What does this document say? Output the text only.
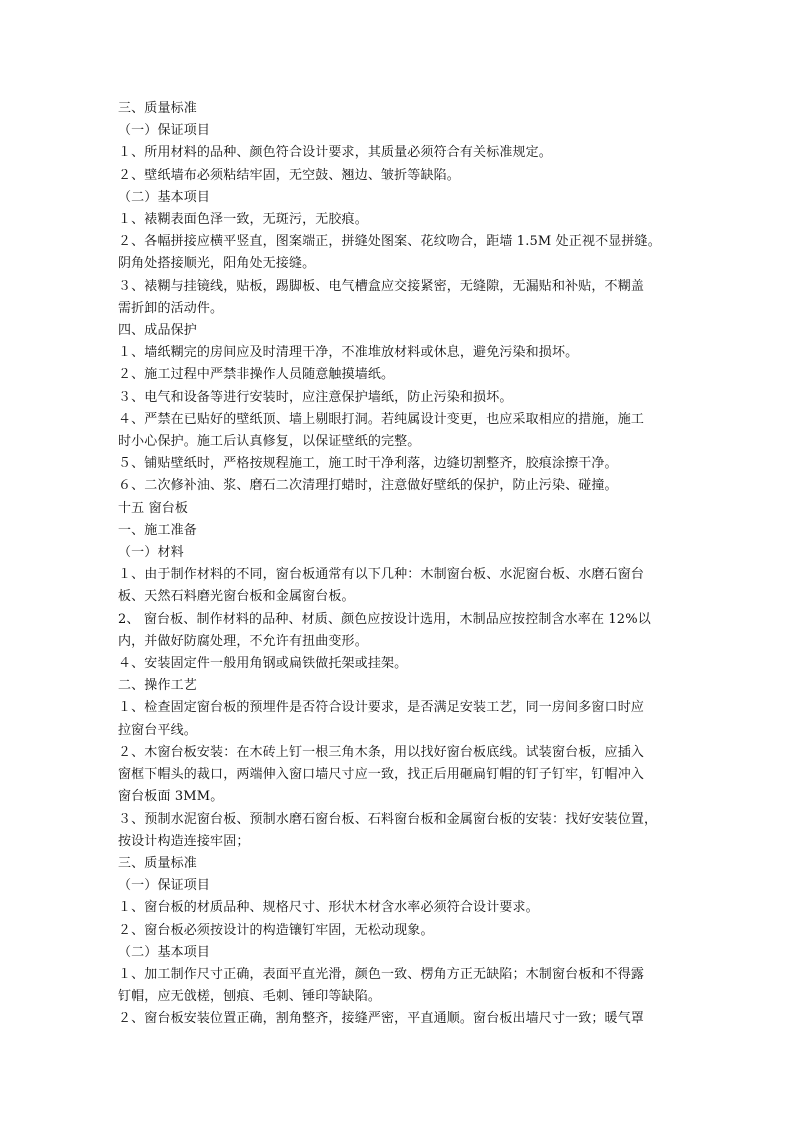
三、质量标准
（一）保证项目
１、所用材料的品种、颜色符合设计要求，其质量必须符合有关标准规定。
２、壁纸墙布必须粘结牢固，无空鼓、翘边、皱折等缺陷。
（二）基本项目
１、裱糊表面色泽一致，无斑污，无胶痕。
２、各幅拼接应横平竖直，图案端正，拼缝处图案、花纹吻合，距墙 1.5M 处正视不显拼缝。
阴角处搭接顺光，阳角处无接缝。
３、裱糊与挂镜线，贴板，踢脚板、电气槽盒应交接紧密，无缝隙，无漏贴和补贴，不糊盖
需折卸的活动件。
四、成品保护
１、墙纸糊完的房间应及时清理干净，不准堆放材料或休息，避免污染和损坏。
２、施工过程中严禁非操作人员随意触摸墙纸。
３、电气和设备等进行安装时，应注意保护墙纸，防止污染和损坏。
４、严禁在已贴好的壁纸顶、墙上剔眼打洞。若纯属设计变更，也应采取相应的措施，施工
时小心保护。施工后认真修复，以保证壁纸的完整。
５、铺贴壁纸时，严格按规程施工，施工时干净利落，边缝切割整齐，胶痕涂擦干净。
６、二次修补油、浆、磨石二次清理打蜡时，注意做好壁纸的保护，防止污染、碰撞。
十五 窗台板
一、施工准备
（一）材料
１、由于制作材料的不同，窗台板通常有以下几种：木制窗台板、水泥窗台板、水磨石窗台
板、天然石料磨光窗台板和金属窗台板。
2、 窗台板、制作材料的品种、材质、颜色应按设计选用，木制品应按控制含水率在 12%以
内，并做好防腐处理，不允许有扭曲变形。
４、安装固定件一般用角钢或扁铁做托架或挂架。
二、操作工艺
１、检查固定窗台板的预埋件是否符合设计要求，是否满足安装工艺，同一房间多窗口时应
拉窗台平线。
２、木窗台板安装：在木砖上钉一根三角木条，用以找好窗台板底线。试装窗台板，应插入
窗框下帽头的裁口，两端伸入窗口墙尺寸应一致，找正后用砸扁钉帽的钉子钉牢，钉帽冲入
窗台板面 3MM。
３、预制水泥窗台板、预制水磨石窗台板、石料窗台板和金属窗台板的安装：找好安装位置，
按设计构造连接牢固；
三、质量标准
（一）保证项目
１、窗台板的材质品种、规格尺寸、形状木材含水率必须符合设计要求。
２、窗台板必须按设计的构造镶钉牢固，无松动现象。
（二）基本项目
１、加工制作尺寸正确，表面平直光滑，颜色一致、楞角方正无缺陷；木制窗台板和不得露
钉帽，应无戗槎，刨痕、毛刺、锤印等缺陷。
２、窗台板安装位置正确，割角整齐，接缝严密，平直通顺。窗台板出墙尺寸一致；暖气罩
